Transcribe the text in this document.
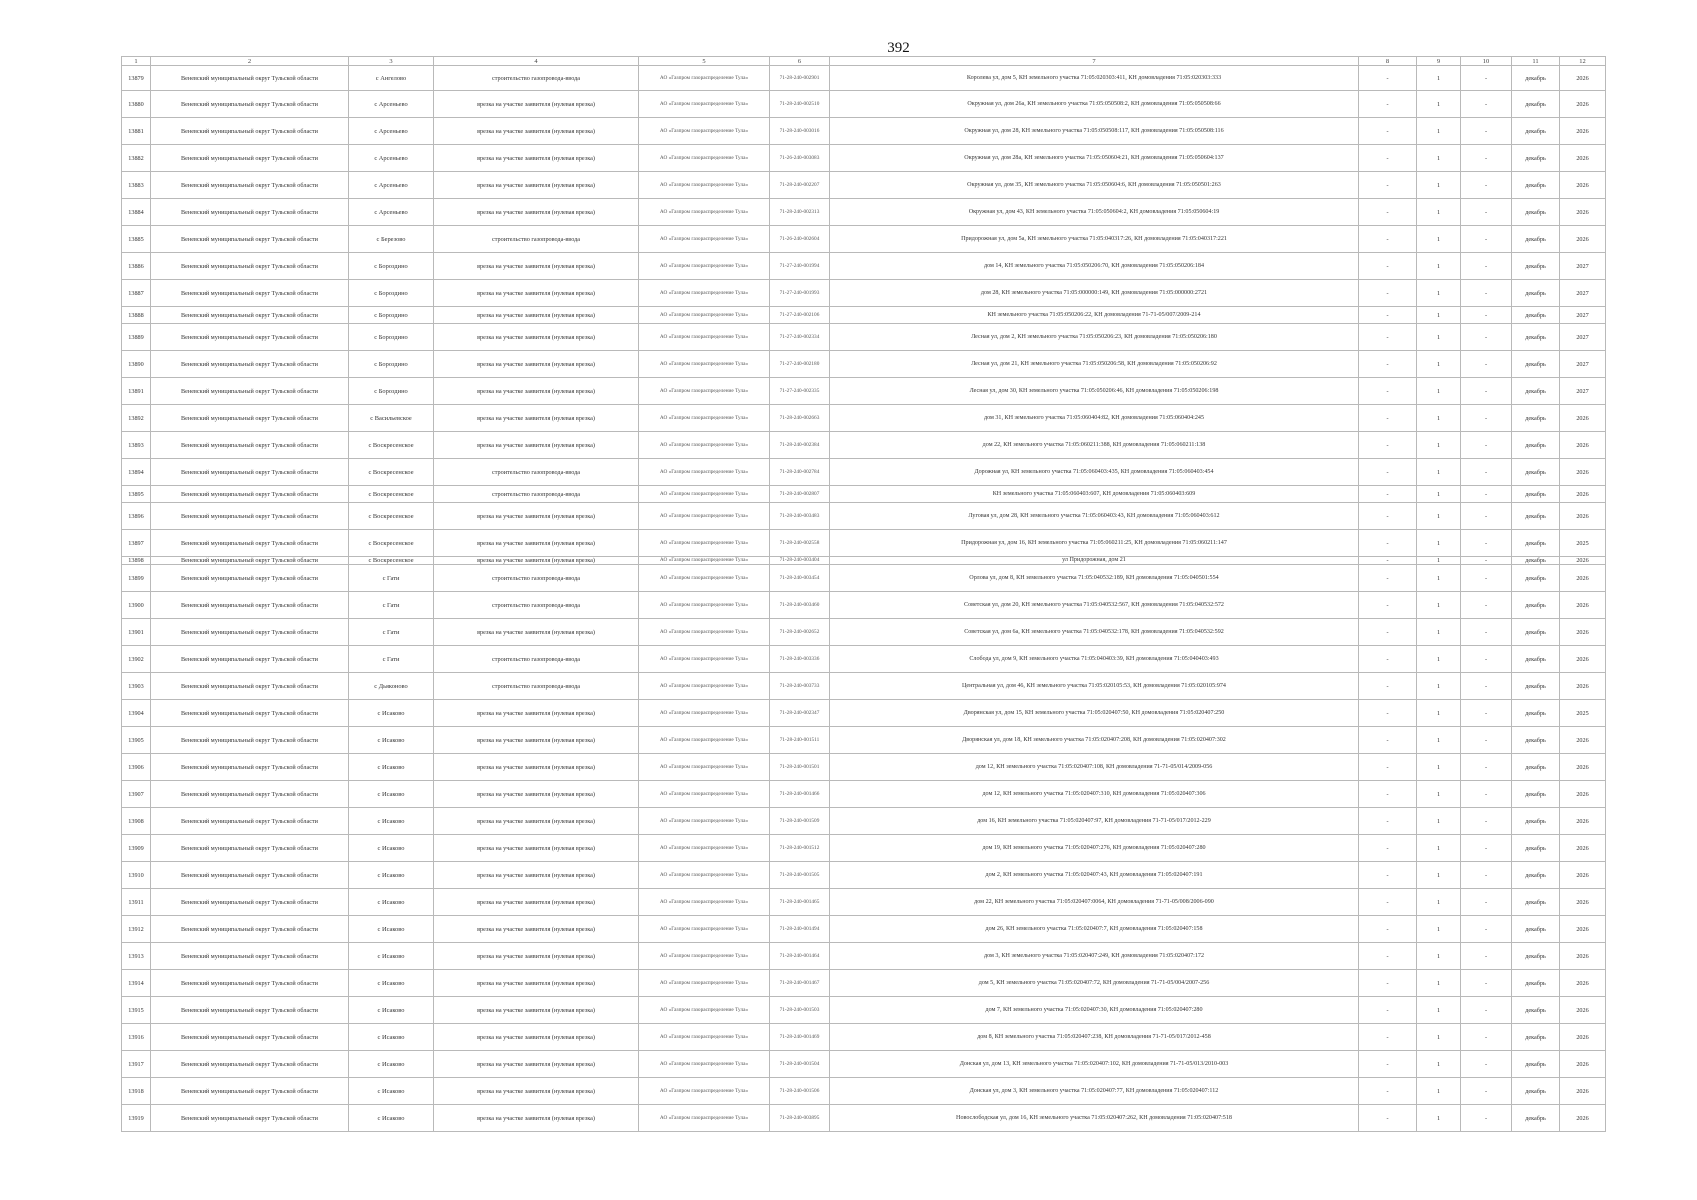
392
1	2	3	4	5	6	7	8	9	10	11	12
13879	Веневский муниципальный округ Тульской области	с Ангелово	строительство газопровода-ввода	АО «Газпром газораспределение Тула»	71-28-240-002901	Королева ул, дом 5, КН земельного участка 71:05:020303:411, КН домовладения 71:05:020303:333	-	1	-	декабрь	2026
13880	Веневский муниципальный округ Тульской области	с Арсеньево	врезка на участке заявителя (нулевая врезка)	АО «Газпром газораспределение Тула»	71-28-240-002510	Окружная ул, дом 26а, КН земельного участка 71:05:050508:2, КН домовладения 71:05:050508:66	-	1	-	декабрь	2026
13881	Веневский муниципальный округ Тульской области	с Арсеньево	врезка на участке заявителя (нулевая врезка)	АО «Газпром газораспределение Тула»	71-28-240-003016	Окружная ул, дом 28, КН земельного участка 71:05:050508:117, КН домовладения 71:05:050508:116	-	1	-	декабрь	2026
13882	Веневский муниципальный округ Тульской области	с Арсеньево	врезка на участке заявителя (нулевая врезка)	АО «Газпром газораспределение Тула»	71-26-240-003083	Окружная ул, дом 28а, КН земельного участка 71:05:050604:21, КН домовладения 71:05:050604:137	-	1	-	декабрь	2026
13883	Веневский муниципальный округ Тульской области	с Арсеньево	врезка на участке заявителя (нулевая врезка)	АО «Газпром газораспределение Тула»	71-28-240-002207	Окружная ул, дом 35, КН земельного участка 71:05:050604:6, КН домовладения 71:05:050501:263	-	1	-	декабрь	2026
13884	Веневский муниципальный округ Тульской области	с Арсеньево	врезка на участке заявителя (нулевая врезка)	АО «Газпром газораспределение Тула»	71-28-240-002313	Окружная ул, дом 43, КН земельного участка 71:05:050604:2, КН домовладения 71:05:050604:19	-	1	-	декабрь	2026
13885	Веневский муниципальный округ Тульской области	с Березово	строительство газопровода-ввода	АО «Газпром газораспределение Тула»	71-26-240-002604	Придорожная ул, дом 5а, КН земельного участка 71:05:040317:26, КН домовладения 71:05:040317:221	-	1	-	декабрь	2026
13886	Веневский муниципальный округ Тульской области	с Бороздино	врезка на участке заявителя (нулевая врезка)	АО «Газпром газораспределение Тула»	71-27-240-001994	дом 14, КН земельного участка 71:05:050206:70, КН домовладения 71:05:050206:184	-	1	-	декабрь	2027
13887	Веневский муниципальный округ Тульской области	с Бороздино	врезка на участке заявителя (нулевая врезка)	АО «Газпром газораспределение Тула»	71-27-240-001993	дом 28, КН земельного участка 71:05:000000:149, КН домовладения 71:05:000000:2721	-	1	-	декабрь	2027
13888	Веневский муниципальный округ Тульской области	с Бороздино	врезка на участке заявителя (нулевая врезка)	АО «Газпром газораспределение Тула»	71-27-240-002106	КН земельного участка 71:05:050206:22, КН домовладения 71-71-05/007/2009-214	-	1	-	декабрь	2027
13889	Веневский муниципальный округ Тульской области	с Бороздино	врезка на участке заявителя (нулевая врезка)	АО «Газпром газораспределение Тула»	71-27-240-002334	Лесная ул, дом 2, КН земельного участка 71:05:050206:23, КН домовладения 71:05:050206:180	-	1	-	декабрь	2027
13890	Веневский муниципальный округ Тульской области	с Бороздино	врезка на участке заявителя (нулевая врезка)	АО «Газпром газораспределение Тула»	71-27-240-002180	Лесная ул, дом 21, КН земельного участка 71:05:050206:58, КН домовладения 71:05:050206:92	-	1	-	декабрь	2027
13891	Веневский муниципальный округ Тульской области	с Бороздино	врезка на участке заявителя (нулевая врезка)	АО «Газпром газораспределение Тула»	71-27-240-002335	Лесная ул, дом 30, КН земельного участка 71:05:050206:46, КН домовладения 71:05:050206:198	-	1	-	декабрь	2027
13892	Веневский муниципальный округ Тульской области	с Васильевское	врезка на участке заявителя (нулевая врезка)	АО «Газпром газораспределение Тула»	71-28-240-002663	дом 31, КН земельного участка 71:05:060404:82, КН домовладения 71:05:060404:245	-	1	-	декабрь	2026
13893	Веневский муниципальный округ Тульской области	с Воскресенское	врезка на участке заявителя (нулевая врезка)	АО «Газпром газораспределение Тула»	71-28-240-002384	дом 22, КН земельного участка 71:05:060211:388, КН домовладения 71:05:060211:138	-	1	-	декабрь	2026
13894	Веневский муниципальный округ Тульской области	с Воскресенское	строительство газопровода-ввода	АО «Газпром газораспределение Тула»	71-28-240-002784	Дорожная ул, КН земельного участка 71:05:060403:435, КН домовладения 71:05:060403:454	-	1	-	декабрь	2026
13895	Веневский муниципальный округ Тульской области	с Воскресенское	строительство газопровода-ввода	АО «Газпром газораспределение Тула»	71-28-240-002807	КН земельного участка 71:05:060403:607, КН домовладения 71:05:060403:609	-	1	-	декабрь	2026
13896	Веневский муниципальный округ Тульской области	с Воскресенское	врезка на участке заявителя (нулевая врезка)	АО «Газпром газораспределение Тула»	71-28-240-003483	Луговая ул, дом 28, КН земельного участка 71:05:060403:43, КН домовладения 71:05:060403:612	-	1	-	декабрь	2026
13897	Веневский муниципальный округ Тульской области	с Воскресенское	врезка на участке заявителя (нулевая врезка)	АО «Газпром газораспределение Тула»	71-28-240-002558	Придорожная ул, дом 16, КН земельного участка 71:05:060211:25, КН домовладения 71:05:060211:147	-	1	-	декабрь	2025
13898	Веневский муниципальный округ Тульской области	с Воскресенское	врезка на участке заявителя (нулевая врезка)	АО «Газпром газораспределение Тула»	71-28-240-003404	ул Придорожная, дом 21	-	1	-	декабрь	2026
13899	Веневский муниципальный округ Тульской области	с Гати	строительство газопровода-ввода	АО «Газпром газораспределение Тула»	71-28-240-003454	Орлова ул, дом 8, КН земельного участка 71:05:040532:189, КН домовладения 71:05:040501:554	-	1	-	декабрь	2026
13900	Веневский муниципальный округ Тульской области	с Гати	строительство газопровода-ввода	АО «Газпром газораспределение Тула»	71-28-240-003460	Советская ул, дом 20, КН земельного участка 71:05:040532:567, КН домовладения 71:05:040532:572	-	1	-	декабрь	2026
13901	Веневский муниципальный округ Тульской области	с Гати	врезка на участке заявителя (нулевая врезка)	АО «Газпром газораспределение Тула»	71-28-240-002652	Советская ул, дом 6а, КН земельного участка 71:05:040532:178, КН домовладения 71:05:040532:592	-	1	-	декабрь	2026
13902	Веневский муниципальный округ Тульской области	с Гати	строительство газопровода-ввода	АО «Газпром газораспределение Тула»	71-28-240-003336	Слобода ул, дом 9, КН земельного участка 71:05:040403:39, КН домовладения 71:05:040403:493	-	1	-	декабрь	2026
13903	Веневский муниципальный округ Тульской области	с Дьяконово	строительство газопровода-ввода	АО «Газпром газораспределение Тула»	71-28-240-003733	Центральная ул, дом 46, КН земельного участка 71:05:020105:53, КН домовладения 71:05:020105:974	-	1	-	декабрь	2026
13904	Веневский муниципальный округ Тульской области	с Исаково	врезка на участке заявителя (нулевая врезка)	АО «Газпром газораспределение Тула»	71-28-240-002347	Дворянская ул, дом 15, КН земельного участка 71:05:020407:50, КН домовладения 71:05:020407:250	-	1	-	декабрь	2025
13905	Веневский муниципальный округ Тульской области	с Исаково	врезка на участке заявителя (нулевая врезка)	АО «Газпром газораспределение Тула»	71-28-240-001511	Дворянская ул, дом 18, КН земельного участка 71:05:020407:208, КН домовладения 71:05:020407:302	-	1	-	декабрь	2026
13906	Веневский муниципальный округ Тульской области	с Исаково	врезка на участке заявителя (нулевая врезка)	АО «Газпром газораспределение Тула»	71-28-240-001501	дом 12, КН земельного участка 71:05:020407:108, КН домовладения 71-71-05/014/2009-056	-	1	-	декабрь	2026
13907	Веневский муниципальный округ Тульской области	с Исаково	врезка на участке заявителя (нулевая врезка)	АО «Газпром газораспределение Тула»	71-28-240-001466	дом 12, КН земельного участка 71:05:020407:310, КН домовладения 71:05:020407:306	-	1	-	декабрь	2026
13908	Веневский муниципальный округ Тульской области	с Исаково	врезка на участке заявителя (нулевая врезка)	АО «Газпром газораспределение Тула»	71-28-240-001509	дом 16, КН земельного участка 71:05:020407:97, КН домовладения 71-71-05/017/2012-229	-	1	-	декабрь	2026
13909	Веневский муниципальный округ Тульской области	с Исаково	врезка на участке заявителя (нулевая врезка)	АО «Газпром газораспределение Тула»	71-28-240-001512	дом 19, КН земельного участка 71:05:020407:276, КН домовладения 71:05:020407:280	-	1	-	декабрь	2026
13910	Веневский муниципальный округ Тульской области	с Исаково	врезка на участке заявителя (нулевая врезка)	АО «Газпром газораспределение Тула»	71-28-240-001505	дом 2, КН земельного участка 71:05:020407:43, КН домовладения 71:05:020407:191	-	1	-	декабрь	2026
13911	Веневский муниципальный округ Тульской области	с Исаково	врезка на участке заявителя (нулевая врезка)	АО «Газпром газораспределение Тула»	71-28-240-001465	дом 22, КН земельного участка 71:05:020407:0064, КН домовладения 71-71-05/008/2006-090	-	1	-	декабрь	2026
13912	Веневский муниципальный округ Тульской области	с Исаково	врезка на участке заявителя (нулевая врезка)	АО «Газпром газораспределение Тула»	71-28-240-001494	дом 26, КН земельного участка 71:05:020407:7, КН домовладения 71:05:020407:158	-	1	-	декабрь	2026
13913	Веневский муниципальный округ Тульской области	с Исаково	врезка на участке заявителя (нулевая врезка)	АО «Газпром газораспределение Тула»	71-28-240-001464	дом 3, КН земельного участка 71:05:020407:249, КН домовладения 71:05:020407:172	-	1	-	декабрь	2026
13914	Веневский муниципальный округ Тульской области	с Исаково	врезка на участке заявителя (нулевая врезка)	АО «Газпром газораспределение Тула»	71-28-240-001467	дом 5, КН земельного участка 71:05:020407:72, КН домовладения 71-71-05/004/2007-256	-	1	-	декабрь	2026
13915	Веневский муниципальный округ Тульской области	с Исаково	врезка на участке заявителя (нулевая врезка)	АО «Газпром газораспределение Тула»	71-28-240-001503	дом 7, КН земельного участка 71:05:020407:30, КН домовладения 71:05:020407:280	-	1	-	декабрь	2026
13916	Веневский муниципальный округ Тульской области	с Исаково	врезка на участке заявителя (нулевая врезка)	АО «Газпром газораспределение Тула»	71-28-240-001469	дом 8, КН земельного участка 71:05:020407:238, КН домовладения 71-71-05/017/2012-458	-	1	-	декабрь	2026
13917	Веневский муниципальный округ Тульской области	с Исаково	врезка на участке заявителя (нулевая врезка)	АО «Газпром газораспределение Тула»	71-28-240-001504	Донская ул, дом 13, КН земельного участка 71:05:020407:102, КН домовладения 71-71-05/013/2010-003	-	1	-	декабрь	2026
13918	Веневский муниципальный округ Тульской области	с Исаково	врезка на участке заявителя (нулевая врезка)	АО «Газпром газораспределение Тула»	71-28-240-001506	Донская ул, дом 3, КН земельного участка 71:05:020407:77, КН домовладения 71:05:020407:112	-	1	-	декабрь	2026
13919	Веневский муниципальный округ Тульской области	с Исаково	врезка на участке заявителя (нулевая врезка)	АО «Газпром газораспределение Тула»	71-28-240-003895	Новослободская ул, дом 16, КН земельного участка 71:05:020407:262, КН домовладения 71:05:020407:518	-	1	-	декабрь	2026
